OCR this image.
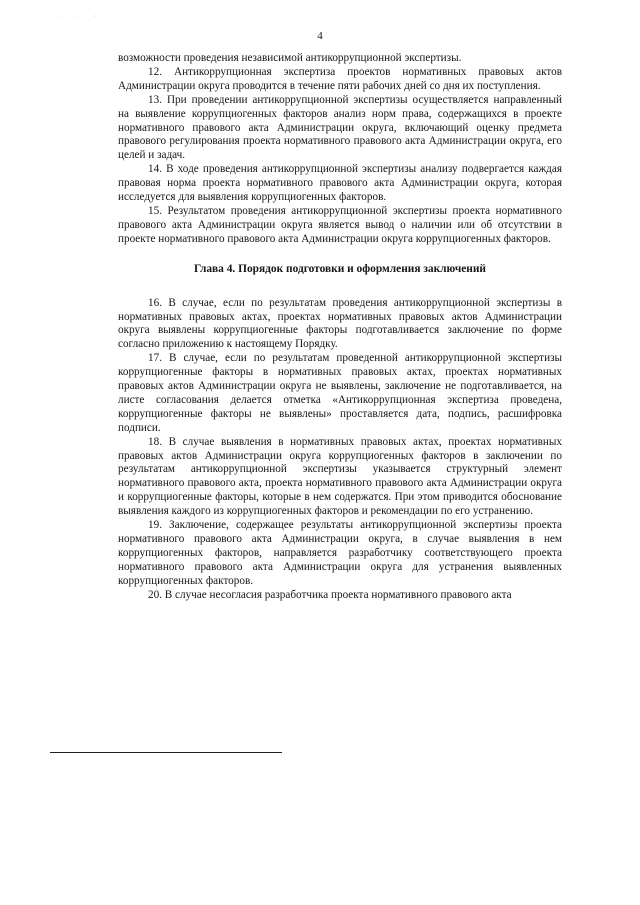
· · ·
4

возможности проведения независимой антикоррупционной экспертизы.

12. Антикоррупционная экспертиза проектов нормативных правовых актов Администрации округа проводится в течение пяти рабочих дней со дня их поступления.

13. При проведении антикоррупционной экспертизы осуществляется направленный на выявление коррупциогенных факторов анализ норм права, содержащихся в проекте нормативного правового акта Администрации округа, включающий оценку предмета правового регулирования проекта нормативного правового акта Администрации округа, его целей и задач.

14. В ходе проведения антикоррупционной экспертизы анализу подвергается каждая правовая норма проекта нормативного правового акта Администрации округа, которая исследуется для выявления коррупциогенных факторов.

15. Результатом проведения антикоррупционной экспертизы проекта нормативного правового акта Администрации округа является вывод о наличии или об отсутствии в проекте нормативного правового акта Администрации округа коррупциогенных факторов.

Глава 4. Порядок подготовки и оформления заключений

16. В случае, если по результатам проведения антикоррупционной экспертизы в нормативных правовых актах, проектах нормативных правовых актов Администрации округа выявлены коррупциогенные факторы подготавливается заключение по форме согласно приложению к настоящему Порядку.

17. В случае, если по результатам проведенной антикоррупционной экспертизы коррупциогенные факторы в нормативных правовых актах, проектах нормативных правовых актов Администрации округа не выявлены, заключение не подготавливается, на листе согласования делается отметка «Антикоррупционная экспертиза проведена, коррупциогенные факторы не выявлены» проставляется дата, подпись, расшифровка подписи.

18. В случае выявления в нормативных правовых актах, проектах нормативных правовых актов Администрации округа коррупциогенных факторов в заключении по результатам антикоррупционной экспертизы указывается структурный элемент нормативного правового акта, проекта нормативного правового акта Администрации округа и коррупциогенные факторы, которые в нем содержатся. При этом приводится обоснование выявления каждого из коррупциогенных факторов и рекомендации по его устранению.

19. Заключение, содержащее результаты антикоррупционной экспертизы проекта нормативного правового акта Администрации округа, в случае выявления в нем коррупциогенных факторов, направляется разработчику соответствующего проекта нормативного правового акта Администрации округа для устранения выявленных коррупциогенных факторов.

20. В случае несогласия разработчика проекта нормативного правового акта
